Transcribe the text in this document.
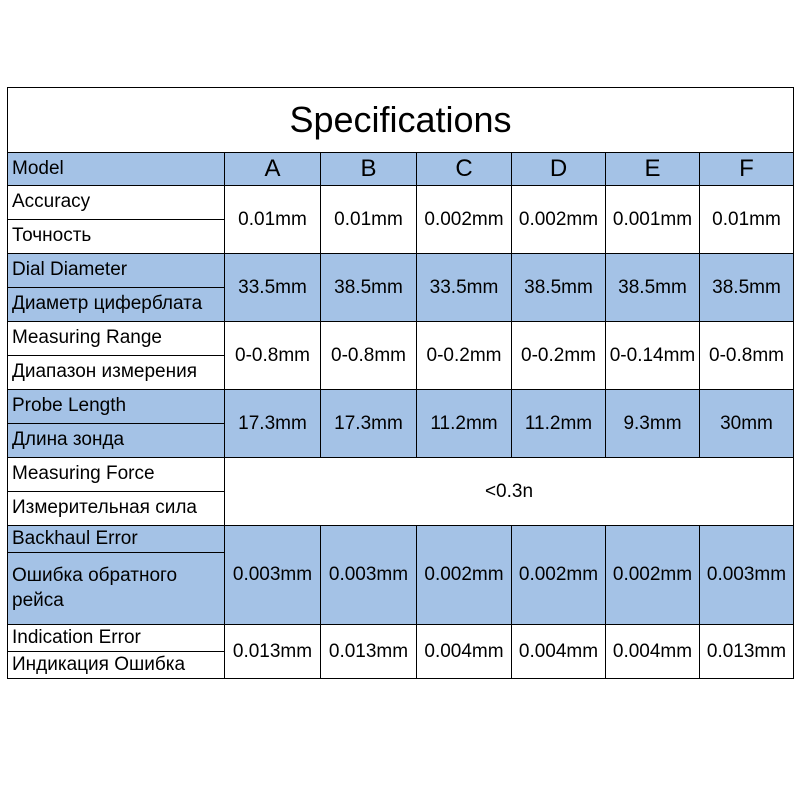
Specifications						
Model	A	B	C	D	E	F
Accuracy	0.01mm	0.01mm	0.002mm	0.002mm	0.001mm	0.01mm
Точность						
Dial Diameter	33.5mm	38.5mm	33.5mm	38.5mm	38.5mm	38.5mm
Диаметр циферблата						
Measuring Range	0-0.8mm	0-0.8mm	0-0.2mm	0-0.2mm	0-0.14mm	0-0.8mm
Диапазон измерения						
Probe Length	17.3mm	17.3mm	11.2mm	11.2mm	9.3mm	30mm
Длина зонда						
Measuring Force	<0.3n					
Измерительная сила						
Backhaul Error	0.003mm	0.003mm	0.002mm	0.002mm	0.002mm	0.003mm
Ошибка обратного рейса						
Indication Error	0.013mm	0.013mm	0.004mm	0.004mm	0.004mm	0.013mm
Индикация Ошибка						
